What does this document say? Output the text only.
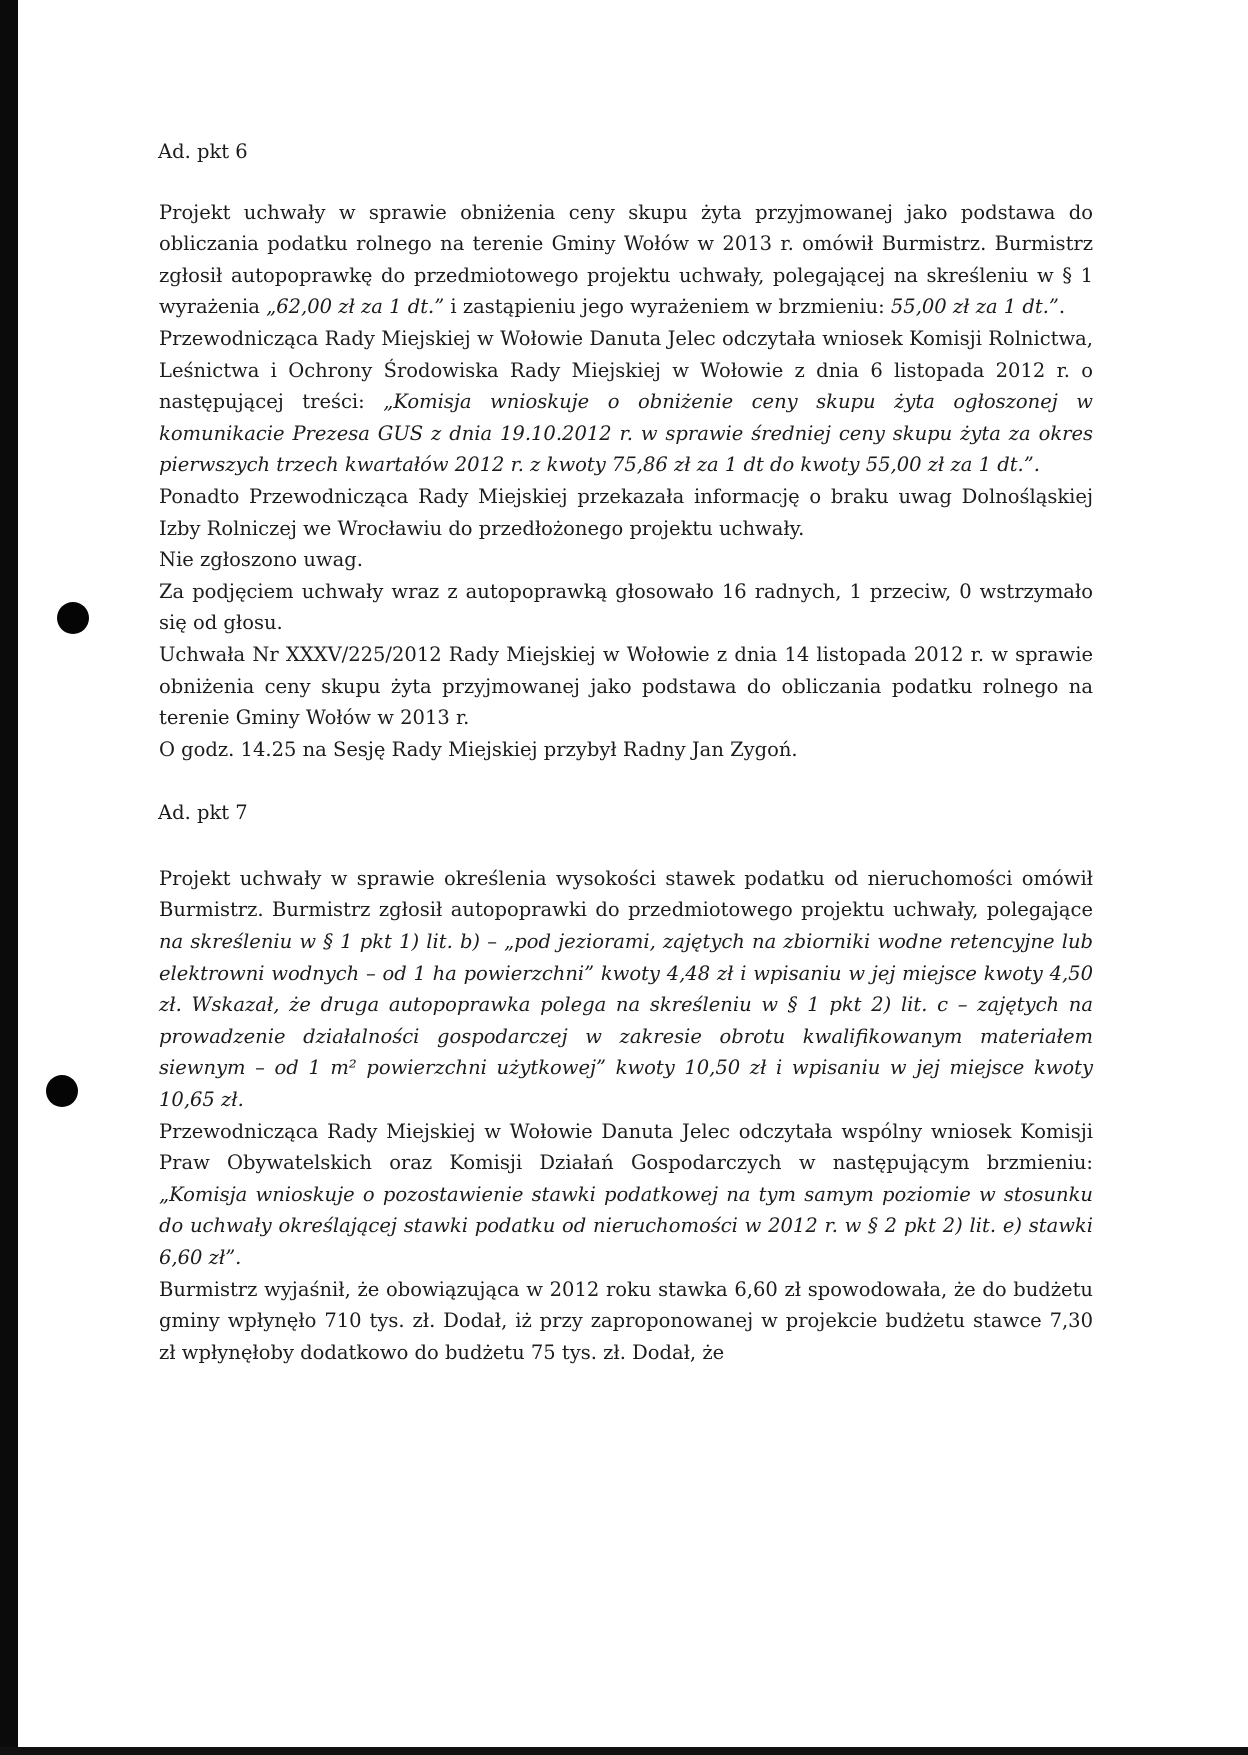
Ad. pkt 6

Projekt uchwały w sprawie obniżenia ceny skupu żyta przyjmowanej jako podstawa do obliczania podatku rolnego na terenie Gminy Wołów w 2013 r. omówił Burmistrz. Burmistrz zgłosił autopoprawkę do przedmiotowego projektu uchwały, polegającej na skreśleniu w § 1 wyrażenia „62,00 zł za 1 dt.” i zastąpieniu jego wyrażeniem w brzmieniu: 55,00 zł za 1 dt.”.

Przewodnicząca Rady Miejskiej w Wołowie Danuta Jelec odczytała wniosek Komisji Rolnictwa, Leśnictwa i Ochrony Środowiska Rady Miejskiej w Wołowie z dnia 6 listopada 2012 r. o następującej treści: „Komisja wnioskuje o obniżenie ceny skupu żyta ogłoszonej w komunikacie Prezesa GUS z dnia 19.10.2012 r. w sprawie średniej ceny skupu żyta za okres pierwszych trzech kwartałów 2012 r. z kwoty 75,86 zł za 1 dt do kwoty 55,00 zł za 1 dt.”.

Ponadto Przewodnicząca Rady Miejskiej przekazała informację o braku uwag Dolnośląskiej Izby Rolniczej we Wrocławiu do przedłożonego projektu uchwały.

Nie zgłoszono uwag.

Za podjęciem uchwały wraz z autopoprawką głosowało 16 radnych, 1 przeciw, 0 wstrzymało się od głosu.

Uchwała Nr XXXV/225/2012 Rady Miejskiej w Wołowie z dnia 14 listopada 2012 r. w sprawie obniżenia ceny skupu żyta przyjmowanej jako podstawa do obliczania podatku rolnego na terenie Gminy Wołów w 2013 r.

O godz. 14.25 na Sesję Rady Miejskiej przybył Radny Jan Zygoń.

Ad. pkt 7

Projekt uchwały w sprawie określenia wysokości stawek podatku od nieruchomości omówił Burmistrz. Burmistrz zgłosił autopoprawki do przedmiotowego projektu uchwały, polegające na skreśleniu w § 1 pkt 1) lit. b) – „pod jeziorami, zajętych na zbiorniki wodne retencyjne lub elektrowni wodnych – od 1 ha powierzchni” kwoty 4,48 zł i wpisaniu w jej miejsce kwoty 4,50 zł. Wskazał, że druga autopoprawka polega na skreśleniu w § 1 pkt 2) lit. c – zajętych na prowadzenie działalności gospodarczej w zakresie obrotu kwalifikowanym materiałem siewnym – od 1 m² powierzchni użytkowej” kwoty 10,50 zł i wpisaniu w jej miejsce kwoty 10,65 zł.

Przewodnicząca Rady Miejskiej w Wołowie Danuta Jelec odczytała wspólny wniosek Komisji Praw Obywatelskich oraz Komisji Działań Gospodarczych w następującym brzmieniu: „Komisja wnioskuje o pozostawienie stawki podatkowej na tym samym poziomie w stosunku do uchwały określającej stawki podatku od nieruchomości w 2012 r. w § 2 pkt 2) lit. e) stawki 6,60 zł”.

Burmistrz wyjaśnił, że obowiązująca w 2012 roku stawka 6,60 zł spowodowała, że do budżetu gminy wpłynęło 710 tys. zł. Dodał, iż przy zaproponowanej w projekcie budżetu stawce 7,30 zł wpłynęłoby dodatkowo do budżetu 75 tys. zł. Dodał, że
